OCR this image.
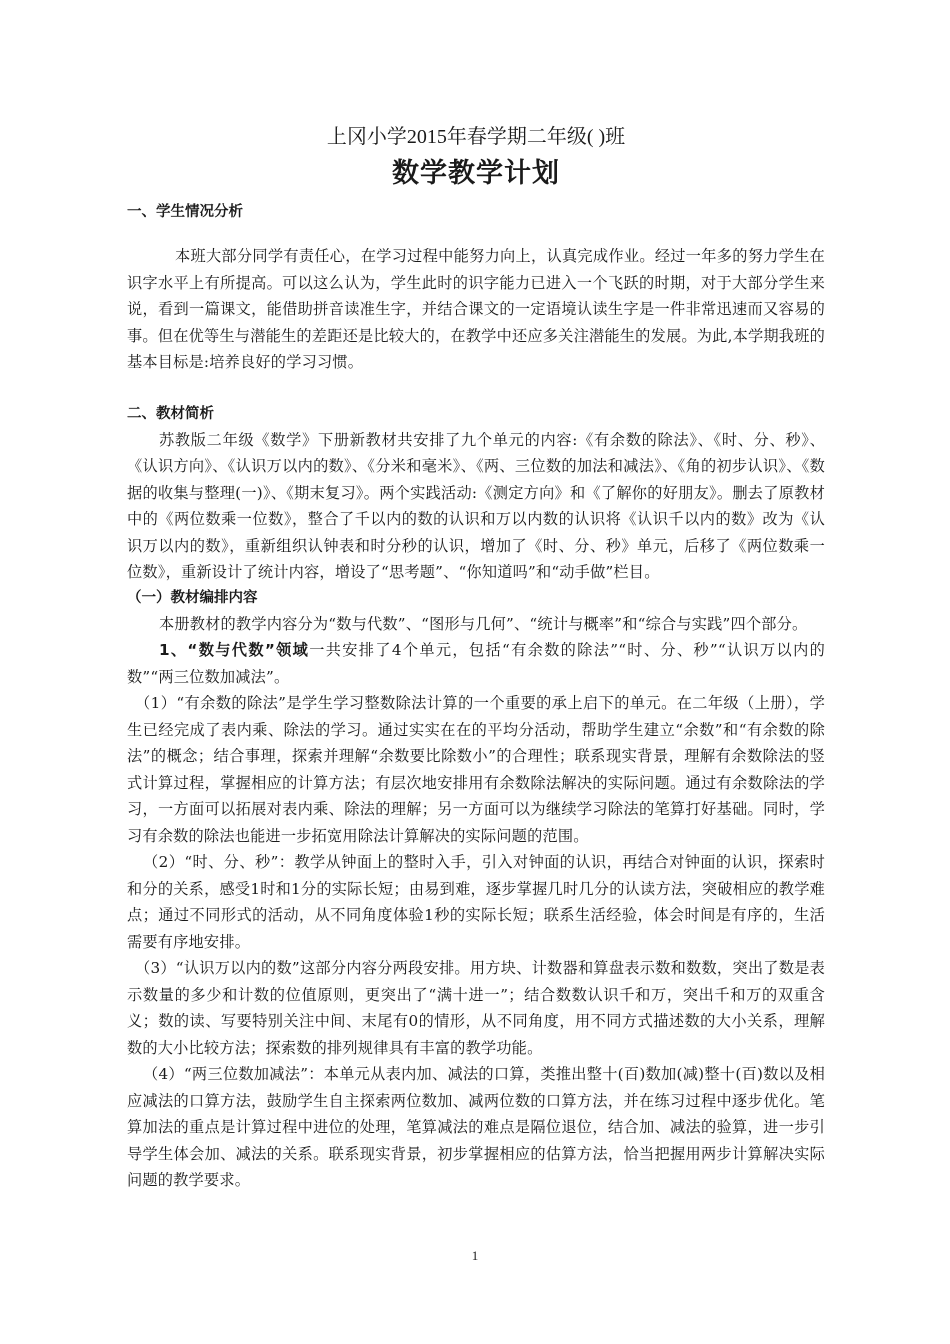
上冈小学2015年春学期二年级( )班
数学教学计划
一、学生情况分析

本班大部分同学有责任心，在学习过程中能努力向上，认真完成作业。经过一年多的努力学生在识字水平上有所提高。可以这么认为，学生此时的识字能力已进入一个飞跃的时期，对于大部分学生来说，看到一篇课文，能借助拼音读准生字，并结合课文的一定语境认读生字是一件非常迅速而又容易的事。但在优等生与潜能生的差距还是比较大的，在教学中还应多关注潜能生的发展。为此,本学期我班的基本目标是:培养良好的学习习惯。

二、教材简析

苏教版二年级《数学》下册新教材共安排了九个单元的内容:《有余数的除法》、《时、分、秒》、《认识方向》、《认识万以内的数》、《分米和毫米》、《两、三位数的加法和减法》、《角的初步认识》、《数据的收集与整理(一)》、《期末复习》。两个实践活动:《测定方向》和《了解你的好朋友》。删去了原教材中的《两位数乘一位数》，整合了千以内的数的认识和万以内数的认识将《认识千以内的数》改为《认识万以内的数》，重新组织认钟表和时分秒的认识，增加了《时、分、秒》单元，后移了《两位数乘一位数》，重新设计了统计内容，增设了“思考题”、“你知道吗”和“动手做”栏目。

（一）教材编排内容

本册教材的教学内容分为“数与代数”、“图形与几何”、“统计与概率”和“综合与实践”四个部分。

1、“数与代数”领域一共安排了4个单元，包括“有余数的除法”“时、分、秒”“认识万以内的数”“两三位数加减法”。

（1）“有余数的除法”是学生学习整数除法计算的一个重要的承上启下的单元。在二年级（上册），学生已经完成了表内乘、除法的学习。通过实实在在的平均分活动，帮助学生建立“余数”和“有余数的除法”的概念；结合事理，探索并理解“余数要比除数小”的合理性；联系现实背景，理解有余数除法的竖式计算过程，掌握相应的计算方法；有层次地安排用有余数除法解决的实际问题。通过有余数除法的学习，一方面可以拓展对表内乘、除法的理解；另一方面可以为继续学习除法的笔算打好基础。同时，学习有余数的除法也能进一步拓宽用除法计算解决的实际问题的范围。

（2）“时、分、秒”：教学从钟面上的整时入手，引入对钟面的认识，再结合对钟面的认识，探索时和分的关系，感受1时和1分的实际长短；由易到难，逐步掌握几时几分的认读方法，突破相应的教学难点；通过不同形式的活动，从不同角度体验1秒的实际长短；联系生活经验，体会时间是有序的，生活需要有序地安排。

（3）“认识万以内的数”这部分内容分两段安排。用方块、计数器和算盘表示数和数数，突出了数是表示数量的多少和计数的位值原则，更突出了“满十进一”；结合数数认识千和万，突出千和万的双重含义；数的读、写要特别关注中间、末尾有0的情形，从不同角度，用不同方式描述数的大小关系，理解数的大小比较方法；探索数的排列规律具有丰富的教学功能。

（4）“两三位数加减法”：本单元从表内加、减法的口算，类推出整十(百)数加(减)整十(百)数以及相应减法的口算方法，鼓励学生自主探索两位数加、减两位数的口算方法，并在练习过程中逐步优化。笔算加法的重点是计算过程中进位的处理，笔算减法的难点是隔位退位，结合加、减法的验算，进一步引导学生体会加、减法的关系。联系现实背景，初步掌握相应的估算方法，恰当把握用两步计算解决实际问题的教学要求。

1
